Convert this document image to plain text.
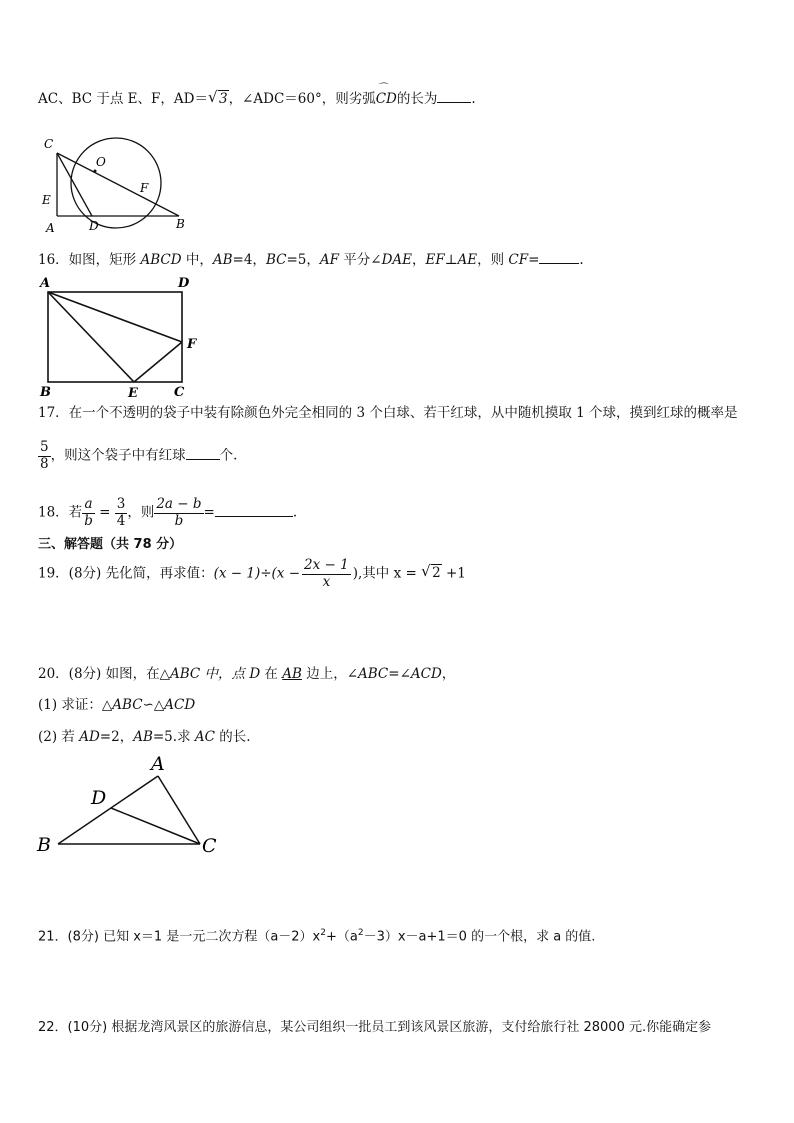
AC、BC 于点 E、F，AD＝ √ 3，∠ADC＝60°，则劣弧
⌒
CD的长为	.
C
O
E
F
A	D	B
16．如图，矩形 ABCD 中，AB=4，BC=5，AF 平分∠DAE，EF⊥AE，则 CF=	.
A	D
F
B	E	C
17．在一个不透明的袋子中装有除颜色外完全相同的 3 个白球、若干红球，从中随机摸取 1 个球，摸到红球的概率是
$\frac{5}{8}$ ，则这个袋子中有红球	个.
18．若 $\frac{a}{b} = \frac{3}{4}$ ，则 $\frac{2a - b}{b}$ =	.
三、解答题（共 78 分）
19．(8分) 先化简，再求值：$(x - 1)\div(x - \frac{2x - 1}{x}$ ),其中 x = √ 2 +1
20．(8分) 如图，在△ABC 中，点 D 在 AB 边上，∠ABC=∠ACD，
(1) 求证：△ABC∽△ACD
(2) 若 AD=2，AB=5.求 AC 的长.
A
D
B	C
21．(8分) 已知 x＝1 是一元二次方程$(a-2)x^2+(a^2-3)x-a+1=0$ 的一个根，求 a 的值.
22．(10分) 根据龙湾风景区的旅游信息，某公司组织一批员工到该风景区旅游，支付给旅行社 28000 元.你能确定参
